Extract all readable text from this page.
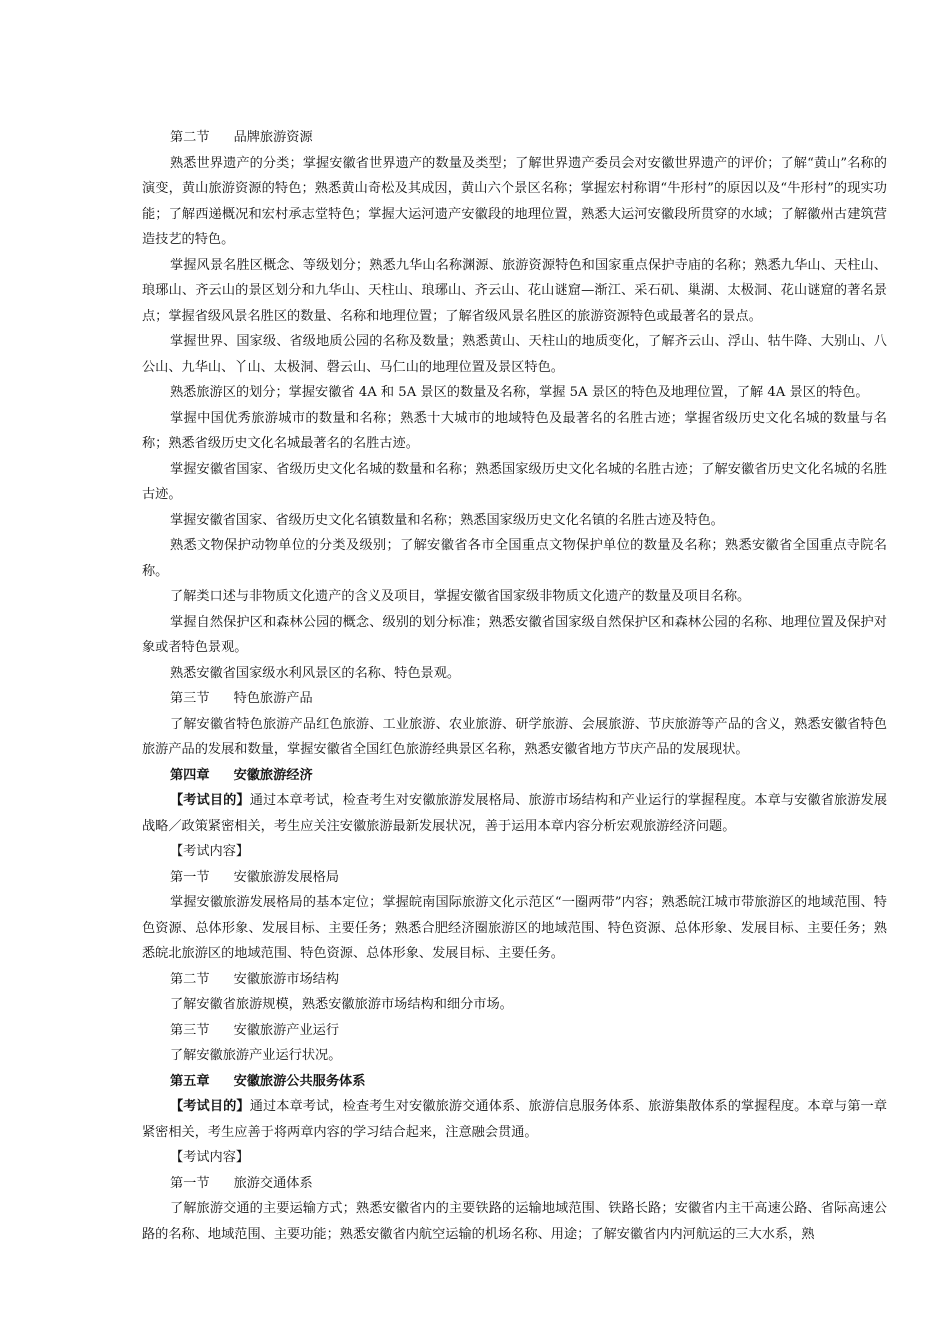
第二节 品牌旅游资源

熟悉世界遗产的分类；掌握安徽省世界遗产的数量及类型；了解世界遗产委员会对安徽世界遗产的评价；了解“黄山”名称的演变，黄山旅游资源的特色；熟悉黄山奇松及其成因，黄山六个景区名称；掌握宏村称谓“牛形村”的原因以及“牛形村”的现实功能；了解西递概况和宏村承志堂特色；掌握大运河遗产安徽段的地理位置，熟悉大运河安徽段所贯穿的水域；了解徽州古建筑营造技艺的特色。

掌握风景名胜区概念、等级划分；熟悉九华山名称渊源、旅游资源特色和国家重点保护寺庙的名称；熟悉九华山、天柱山、琅琊山、齐云山的景区划分和九华山、天柱山、琅琊山、齐云山、花山谜窟—渐江、采石矶、巢湖、太极洞、花山谜窟的著名景点；掌握省级风景名胜区的数量、名称和地理位置；了解省级风景名胜区的旅游资源特色或最著名的景点。

掌握世界、国家级、省级地质公园的名称及数量；熟悉黄山、天柱山的地质变化，了解齐云山、浮山、牯牛降、大别山、八公山、九华山、丫山、太极洞、磬云山、马仁山的地理位置及景区特色。

熟悉旅游区的划分；掌握安徽省 4A 和 5A 景区的数量及名称，掌握 5A 景区的特色及地理位置，了解 4A 景区的特色。

掌握中国优秀旅游城市的数量和名称；熟悉十大城市的地域特色及最著名的名胜古迹；掌握省级历史文化名城的数量与名称；熟悉省级历史文化名城最著名的名胜古迹。

掌握安徽省国家、省级历史文化名城的数量和名称；熟悉国家级历史文化名城的名胜古迹；了解安徽省历史文化名城的名胜古迹。

掌握安徽省国家、省级历史文化名镇数量和名称；熟悉国家级历史文化名镇的名胜古迹及特色。

熟悉文物保护动物单位的分类及级别；了解安徽省各市全国重点文物保护单位的数量及名称；熟悉安徽省全国重点寺院名称。

了解类口述与非物质文化遗产的含义及项目，掌握安徽省国家级非物质文化遗产的数量及项目名称。

掌握自然保护区和森林公园的概念、级别的划分标准；熟悉安徽省国家级自然保护区和森林公园的名称、地理位置及保护对象或者特色景观。

熟悉安徽省国家级水利风景区的名称、特色景观。

第三节 特色旅游产品

了解安徽省特色旅游产品红色旅游、工业旅游、农业旅游、研学旅游、会展旅游、节庆旅游等产品的含义，熟悉安徽省特色旅游产品的发展和数量，掌握安徽省全国红色旅游经典景区名称，熟悉安徽省地方节庆产品的发展现状。

第四章 安徽旅游经济

【考试目的】通过本章考试，检查考生对安徽旅游发展格局、旅游市场结构和产业运行的掌握程度。本章与安徽省旅游发展战略／政策紧密相关，考生应关注安徽旅游最新发展状况，善于运用本章内容分析宏观旅游经济问题。

【考试内容】

第一节 安徽旅游发展格局

掌握安徽旅游发展格局的基本定位；掌握皖南国际旅游文化示范区“一圈两带”内容；熟悉皖江城市带旅游区的地域范围、特色资源、总体形象、发展目标、主要任务；熟悉合肥经济圈旅游区的地域范围、特色资源、总体形象、发展目标、主要任务；熟悉皖北旅游区的地域范围、特色资源、总体形象、发展目标、主要任务。

第二节 安徽旅游市场结构

了解安徽省旅游规模，熟悉安徽旅游市场结构和细分市场。

第三节 安徽旅游产业运行

了解安徽旅游产业运行状况。

第五章 安徽旅游公共服务体系

【考试目的】通过本章考试，检查考生对安徽旅游交通体系、旅游信息服务体系、旅游集散体系的掌握程度。本章与第一章紧密相关，考生应善于将两章内容的学习结合起来，注意融会贯通。

【考试内容】

第一节 旅游交通体系

了解旅游交通的主要运输方式；熟悉安徽省内的主要铁路的运输地域范围、铁路长路；安徽省内主干高速公路、省际高速公路的名称、地域范围、主要功能；熟悉安徽省内航空运输的机场名称、用途；了解安徽省内内河航运的三大水系，熟
